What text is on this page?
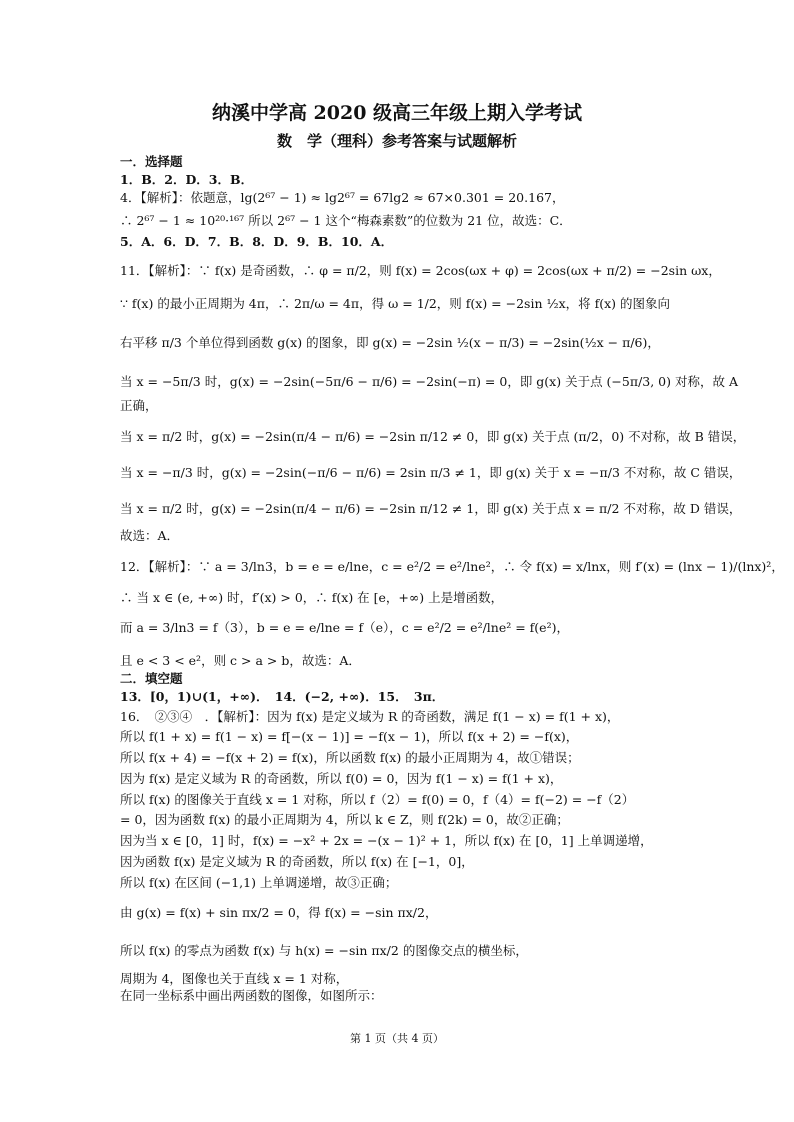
纳溪中学高 2020 级高三年级上期入学考试
数　学（理科）参考答案与试题解析
一．选择题
1．B．2．D．3．B．
4．【解析】：依题意，lg(2⁶⁷ − 1) ≈ lg2⁶⁷ = 67lg2 ≈ 67×0.301 = 20.167，
∴ 2⁶⁷ − 1 ≈ 10²⁰·¹⁶⁷ 所以 2⁶⁷ − 1 这个“梅森素数”的位数为 21 位，故选：C．
5．A．6．D．7．B．8．D．9．B．10．A．
11．【解析】：∵ f(x) 是奇函数，∴ φ = π/2，则 f(x) = 2cos(ωx + φ) = 2cos(ωx + π/2) = −2sin ωx，
∵ f(x) 的最小正周期为 4π，∴ 2π/ω = 4π，得 ω = 1/2，则 f(x) = −2sin ½x，将 f(x) 的图象向
右平移 π/3 个单位得到函数 g(x) 的图象，即 g(x) = −2sin ½(x − π/3) = −2sin(½x − π/6)，
当 x = −5π/3 时，g(x) = −2sin(−5π/6 − π/6) = −2sin(−π) = 0，即 g(x) 关于点 (−5π/3, 0) 对称，故 A
正确，
当 x = π/2 时，g(x) = −2sin(π/4 − π/6) = −2sin π/12 ≠ 0，即 g(x) 关于点 (π/2，0) 不对称，故 B 错误，
当 x = −π/3 时，g(x) = −2sin(−π/6 − π/6) = 2sin π/3 ≠ 1，即 g(x) 关于 x = −π/3 不对称，故 C 错误，
当 x = π/2 时，g(x) = −2sin(π/4 − π/6) = −2sin π/12 ≠ 1，即 g(x) 关于点 x = π/2 不对称，故 D 错误，
故选：A．
12．【解析】：∵ a = 3/ln3，b = e = e/lne，c = e²/2 = e²/lne²，∴ 令 f(x) = x/lnx，则 f′(x) = (lnx − 1)/(lnx)²，
∴ 当 x ∈ (e, +∞) 时，f′(x) > 0，∴ f(x) 在 [e，+∞) 上是增函数，
而 a = 3/ln3 = f（3），b = e = e/lne = f（e），c = e²/2 = e²/lne² = f(e²)，
且 e < 3 < e²，则 c > a > b，故选：A．
二．填空题
13．[0，1)∪(1，+∞)．　14．(−2, +∞)．15．　3π．
16．　②③④　．【解析】：因为 f(x) 是定义域为 R 的奇函数，满足 f(1 − x) = f(1 + x)，
所以 f(1 + x) = f(1 − x) = f[−(x − 1)] = −f(x − 1)，所以 f(x + 2) = −f(x)，
所以 f(x + 4) = −f(x + 2) = f(x)，所以函数 f(x) 的最小正周期为 4，故①错误；
因为 f(x) 是定义域为 R 的奇函数，所以 f(0) = 0，因为 f(1 − x) = f(1 + x)，
所以 f(x) 的图像关于直线 x = 1 对称，所以 f（2）= f(0) = 0，f（4）= f(−2) = −f（2）
= 0，因为函数 f(x) 的最小正周期为 4，所以 k ∈ Z，则 f(2k) = 0，故②正确；
因为当 x ∈ [0，1] 时，f(x) = −x² + 2x = −(x − 1)² + 1，所以 f(x) 在 [0，1] 上单调递增，
因为函数 f(x) 是定义域为 R 的奇函数，所以 f(x) 在 [−1，0]，
所以 f(x) 在区间 (−1,1) 上单调递增，故③正确；
由 g(x) = f(x) + sin πx/2 = 0，得 f(x) = −sin πx/2，
所以 f(x) 的零点为函数 f(x) 与 h(x) = −sin πx/2 的图像交点的横坐标，
周期为 4，图像也关于直线 x = 1 对称，
在同一坐标系中画出两函数的图像，如图所示：
第 1 页（共 4 页）
